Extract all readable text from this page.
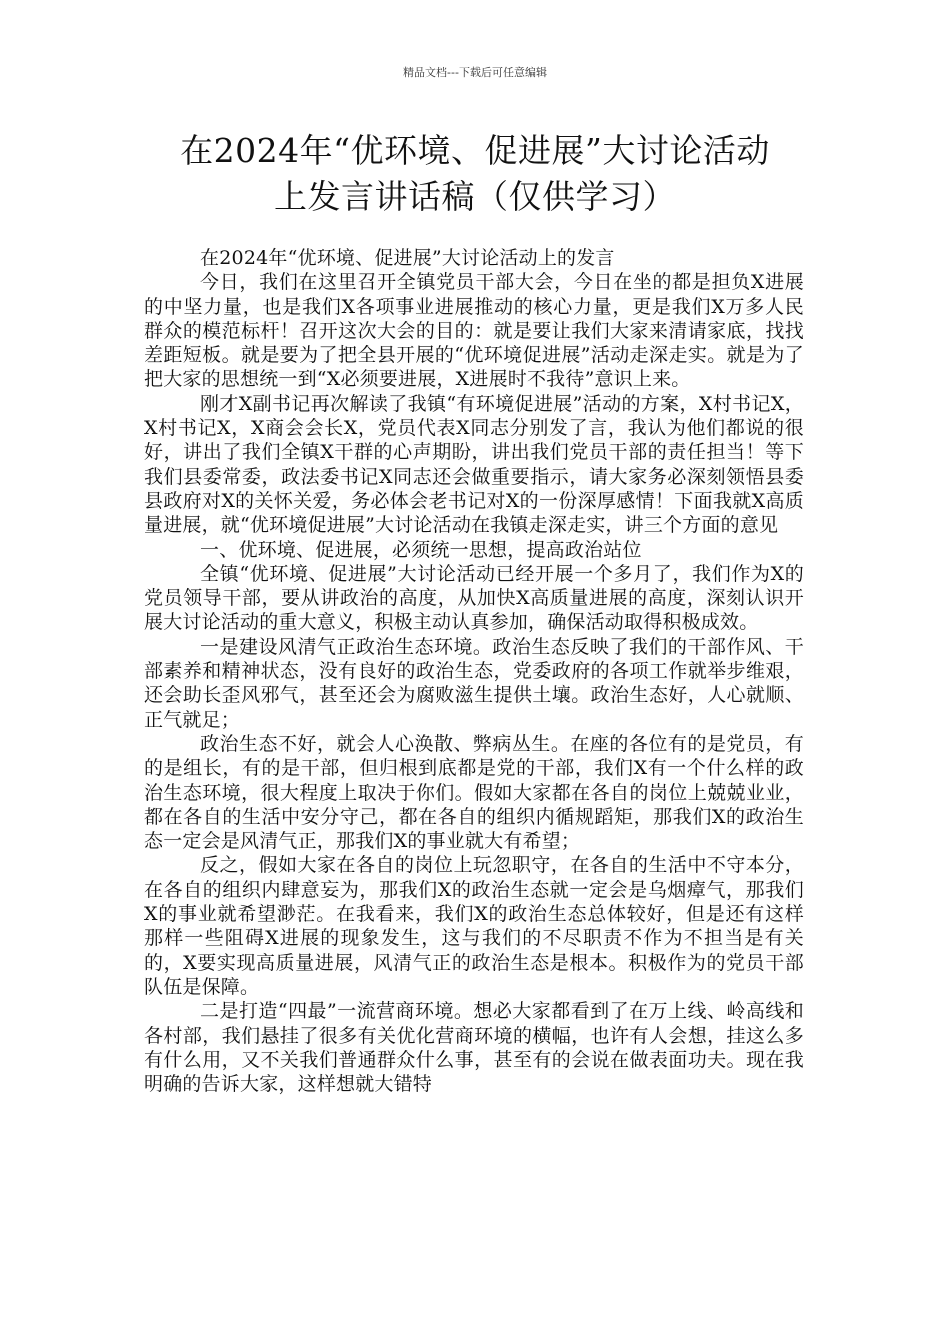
精品文档---下载后可任意编辑
在2024年“优环境、促进展”大讨论活动
上发言讲话稿（仅供学习）

在2024年“优环境、促进展”大讨论活动上的发言

今日，我们在这里召开全镇党员干部大会，今日在坐的都是担负X进展的中坚力量，也是我们X各项事业进展推动的核心力量，更是我们X万多人民群众的模范标杆！召开这次大会的目的：就是要让我们大家来清请家底，找找差距短板。就是要为了把全县开展的“优环境促进展”活动走深走实。就是为了把大家的思想统一到“X必须要进展，X进展时不我待”意识上来。

刚才X副书记再次解读了我镇“有环境促进展”活动的方案，X村书记X，X村书记X，X商会会长X，党员代表X同志分别发了言，我认为他们都说的很好，讲出了我们全镇X干群的心声期盼，讲出我们党员干部的责任担当！等下我们县委常委，政法委书记X同志还会做重要指示，请大家务必深刻领悟县委县政府对X的关怀关爱，务必体会老书记对X的一份深厚感情！下面我就X高质量进展，就“优环境促进展”大讨论活动在我镇走深走实，讲三个方面的意见

一、优环境、促进展，必须统一思想，提高政治站位

全镇“优环境、促进展”大讨论活动已经开展一个多月了，我们作为X的党员领导干部，要从讲政治的高度，从加快X高质量进展的高度，深刻认识开展大讨论活动的重大意义，积极主动认真参加，确保活动取得积极成效。

一是建设风清气正政治生态环境。政治生态反映了我们的干部作风、干部素养和精神状态，没有良好的政治生态，党委政府的各项工作就举步维艰，还会助长歪风邪气，甚至还会为腐败滋生提供土壤。政治生态好，人心就顺、正气就足；

政治生态不好，就会人心涣散、弊病丛生。在座的各位有的是党员，有的是组长，有的是干部，但归根到底都是党的干部，我们X有一个什么样的政治生态环境，很大程度上取决于你们。假如大家都在各自的岗位上兢兢业业，都在各自的生活中安分守己，都在各自的组织内循规蹈矩，那我们X的政治生态一定会是风清气正，那我们X的事业就大有希望；

反之，假如大家在各自的岗位上玩忽职守，在各自的生活中不守本分，在各自的组织内肆意妄为，那我们X的政治生态就一定会是乌烟瘴气，那我们X的事业就希望渺茫。在我看来，我们X的政治生态总体较好，但是还有这样那样一些阻碍X进展的现象发生，这与我们的不尽职责不作为不担当是有关的，X要实现高质量进展，风清气正的政治生态是根本。积极作为的党员干部队伍是保障。

二是打造“四最”一流营商环境。想必大家都看到了在万上线、岭高线和各村部，我们悬挂了很多有关优化营商环境的横幅，也许有人会想，挂这么多有什么用，又不关我们普通群众什么事，甚至有的会说在做表面功夫。现在我明确的告诉大家，这样想就大错特
